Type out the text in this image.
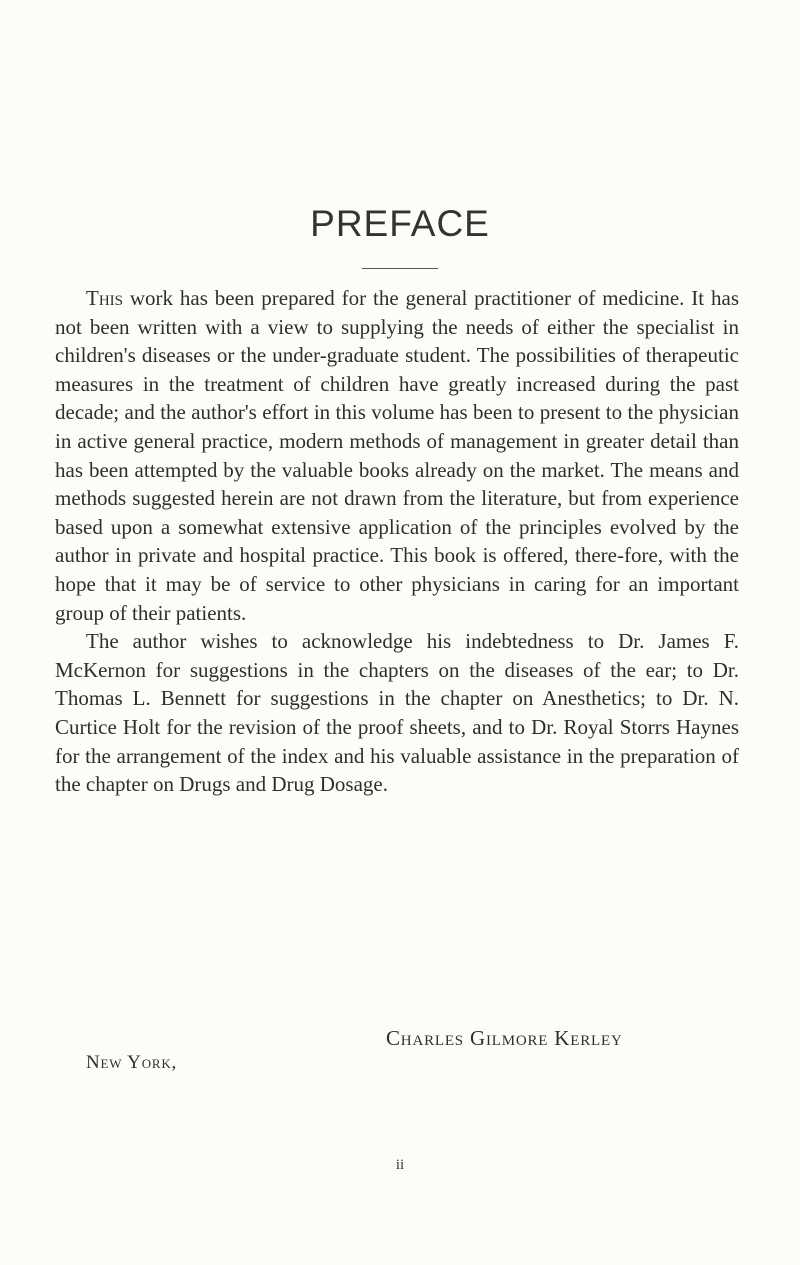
PREFACE

This work has been prepared for the general practitioner of medicine. It has not been written with a view to supplying the needs of either the specialist in children's diseases or the under-graduate student. The possibilities of therapeutic measures in the treatment of children have greatly increased during the past decade; and the author's effort in this volume has been to present to the physician in active general practice, modern methods of management in greater detail than has been attempted by the valuable books already on the market. The means and methods suggested herein are not drawn from the literature, but from experience based upon a somewhat extensive application of the principles evolved by the author in private and hospital practice. This book is offered, there-fore, with the hope that it may be of service to other physicians in caring for an important group of their patients.

The author wishes to acknowledge his indebtedness to Dr. James F. McKernon for suggestions in the chapters on the diseases of the ear; to Dr. Thomas L. Bennett for suggestions in the chapter on Anesthetics; to Dr. N. Curtice Holt for the revision of the proof sheets, and to Dr. Royal Storrs Haynes for the arrangement of the index and his valuable assistance in the preparation of the chapter on Drugs and Drug Dosage.

Charles Gilmore Kerley
New York,
ii
